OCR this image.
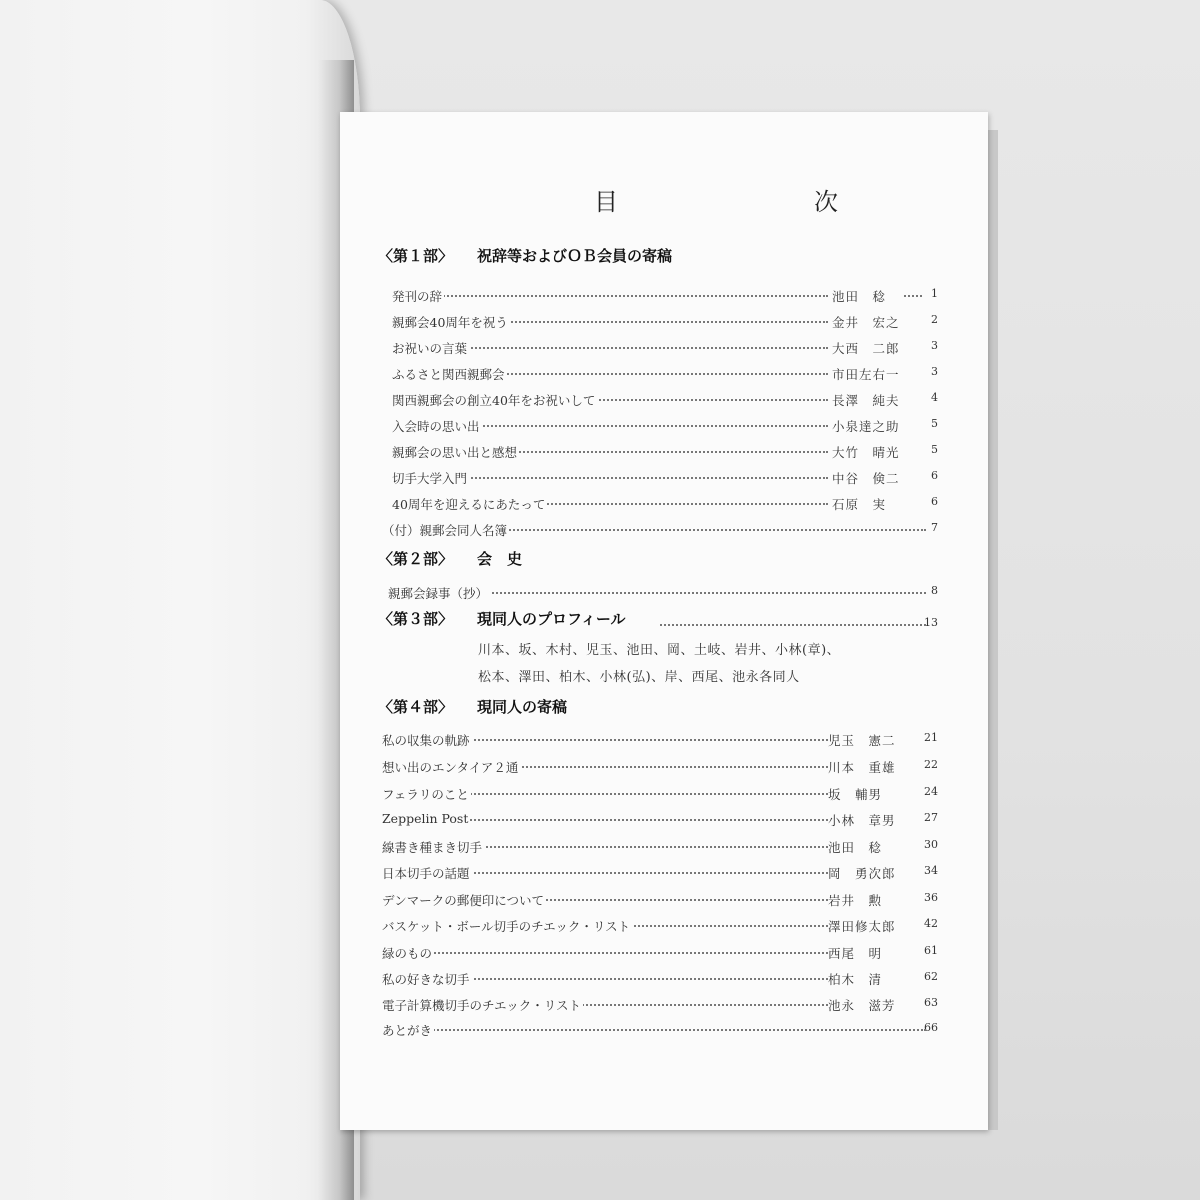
目　次
〈第１部〉 祝辞等およびＯＢ会員の寄稿
発刊の辞	池田　稔	1
親郵会40周年を祝う	金井　宏之	2
お祝いの言葉	大西　二郎	3
ふるさと関西親郵会	市田左右一	3
関西親郵会の創立40年をお祝いして	長澤　純夫	4
入会時の思い出	小泉達之助	5
親郵会の思い出と感想	大竹　晴光	5
切手大学入門	中谷　倹二	6
40周年を迎えるにあたって	石原　実	6
（付）親郵会同人名簿	7
〈第２部〉 会　史
親郵会録事（抄）	8
〈第３部〉 現同人のプロフィール	13
川本、坂、木村、児玉、池田、岡、土岐、岩井、小林(章)、
松本、澤田、柏木、小林(弘)、岸、西尾、池永各同人
〈第４部〉 現同人の寄稿
私の収集の軌跡	児玉　憲二	21
想い出のエンタイア２通	川本　重雄	22
フェラリのこと	坂　輔男	24
Zeppelin Post	小林　章男	27
線書き種まき切手	池田　稔	30
日本切手の話題	岡　勇次郎	34
デンマークの郵便印について	岩井　勲	36
バスケット・ボール切手のチエック・リスト	澤田修太郎	42
緑のもの	西尾　明	61
私の好きな切手	柏木　清	62
電子計算機切手のチエック・リスト	池永　滋芳	63
あとがき	66
